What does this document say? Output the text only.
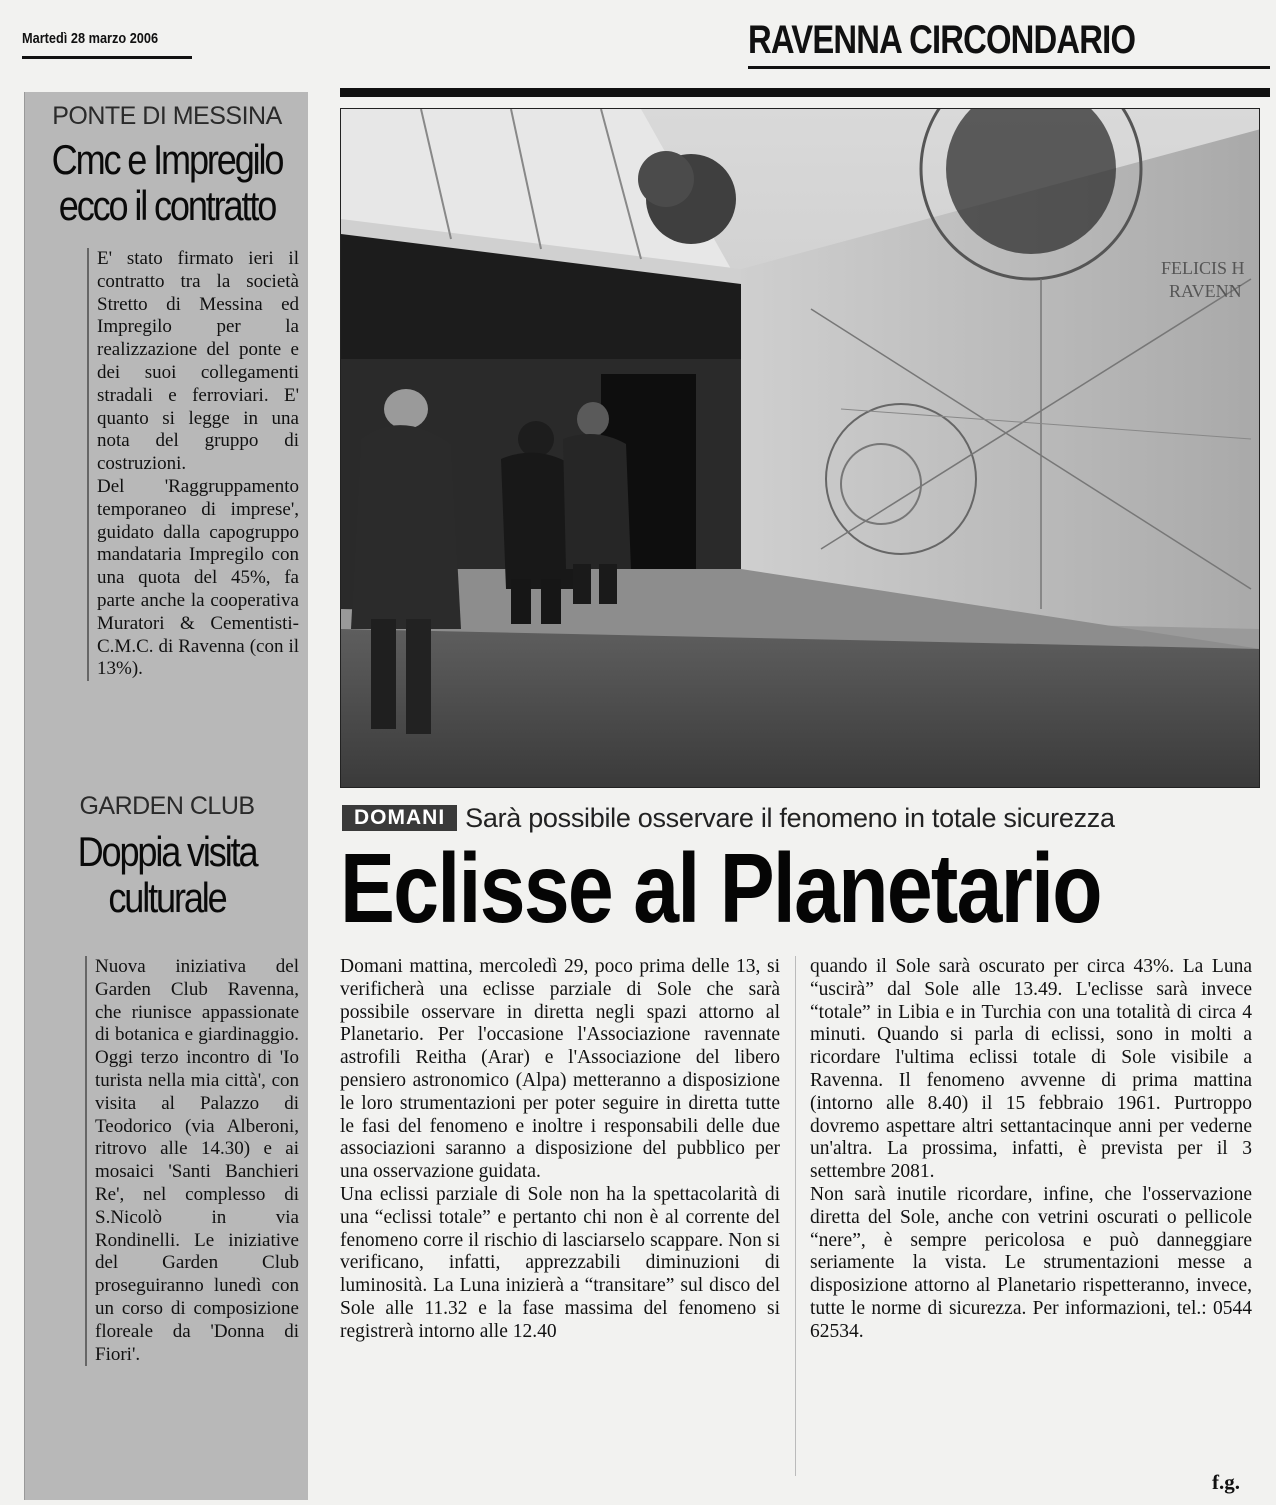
Martedì 28 marzo 2006	RAVENNA CIRCONDARIO
PONTE DI MESSINA
Cmc e Impregilo
ecco il contratto

E' stato firmato ieri il contratto tra la società Stretto di Messina ed Impregilo per la realizzazione del ponte e dei suoi collegamenti stradali e ferroviari. E' quanto si legge in una nota del gruppo di costruzioni.

Del 'Raggruppamento temporaneo di imprese', guidato dalla capogruppo mandataria Impregilo con una quota del 45%, fa parte anche la cooperativa Muratori & Cementisti-C.M.C. di Ravenna (con il 13%).

GARDEN CLUB
Doppia visita
culturale

Nuova iniziativa del Garden Club Ravenna, che riunisce appassionate di botanica e giardinaggio. Oggi terzo incontro di 'Io turista nella mia città', con visita al Palazzo di Teodorico (via Alberoni, ritrovo alle 14.30) e ai mosaici 'Santi Banchieri Re', nel complesso di S.Nicolò in via Rondinelli. Le iniziative del Garden Club proseguiranno lunedì con un corso di composizione floreale da 'Donna di Fiori'.

FELICIS H
RAVENN
DOMANI Sarà possibile osservare il fenomeno in totale sicurezza
Eclisse al Planetario

Domani mattina, mercoledì 29, poco prima delle 13, si verificherà una eclisse parziale di Sole che sarà possibile osservare in diretta negli spazi attorno al Planetario. Per l'occasione l'Associazione ravennate astrofili Reitha (Arar) e l'Associazione del libero pensiero astronomico (Alpa) metteranno a disposizione le loro strumentazioni per poter seguire in diretta tutte le fasi del fenomeno e inoltre i responsabili delle due associazioni saranno a disposizione del pubblico per una osservazione guidata.

Una eclissi parziale di Sole non ha la spettacolarità di una “eclissi totale” e pertanto chi non è al corrente del fenomeno corre il rischio di lasciarselo scappare. Non si verificano, infatti, apprezzabili diminuzioni di luminosità. La Luna inizierà a “transitare” sul disco del Sole alle 11.32 e la fase massima del fenomeno si registrerà intorno alle 12.40

quando il Sole sarà oscurato per circa 43%. La Luna “uscirà” dal Sole alle 13.49. L'eclisse sarà invece “totale” in Libia e in Turchia con una totalità di circa 4 minuti. Quando si parla di eclissi, sono in molti a ricordare l'ultima eclissi totale di Sole visibile a Ravenna. Il fenomeno avvenne di prima mattina (intorno alle 8.40) il 15 febbraio 1961. Purtroppo dovremo aspettare altri settantacinque anni per vederne un'altra. La prossima, infatti, è prevista per il 3 settembre 2081.

Non sarà inutile ricordare, infine, che l'osservazione diretta del Sole, anche con vetrini oscurati o pellicole “nere”, è sempre pericolosa e può danneggiare seriamente la vista. Le strumentazioni messe a disposizione attorno al Planetario rispetteranno, invece, tutte le norme di sicurezza. Per informazioni, tel.: 0544 62534.

f.g.
